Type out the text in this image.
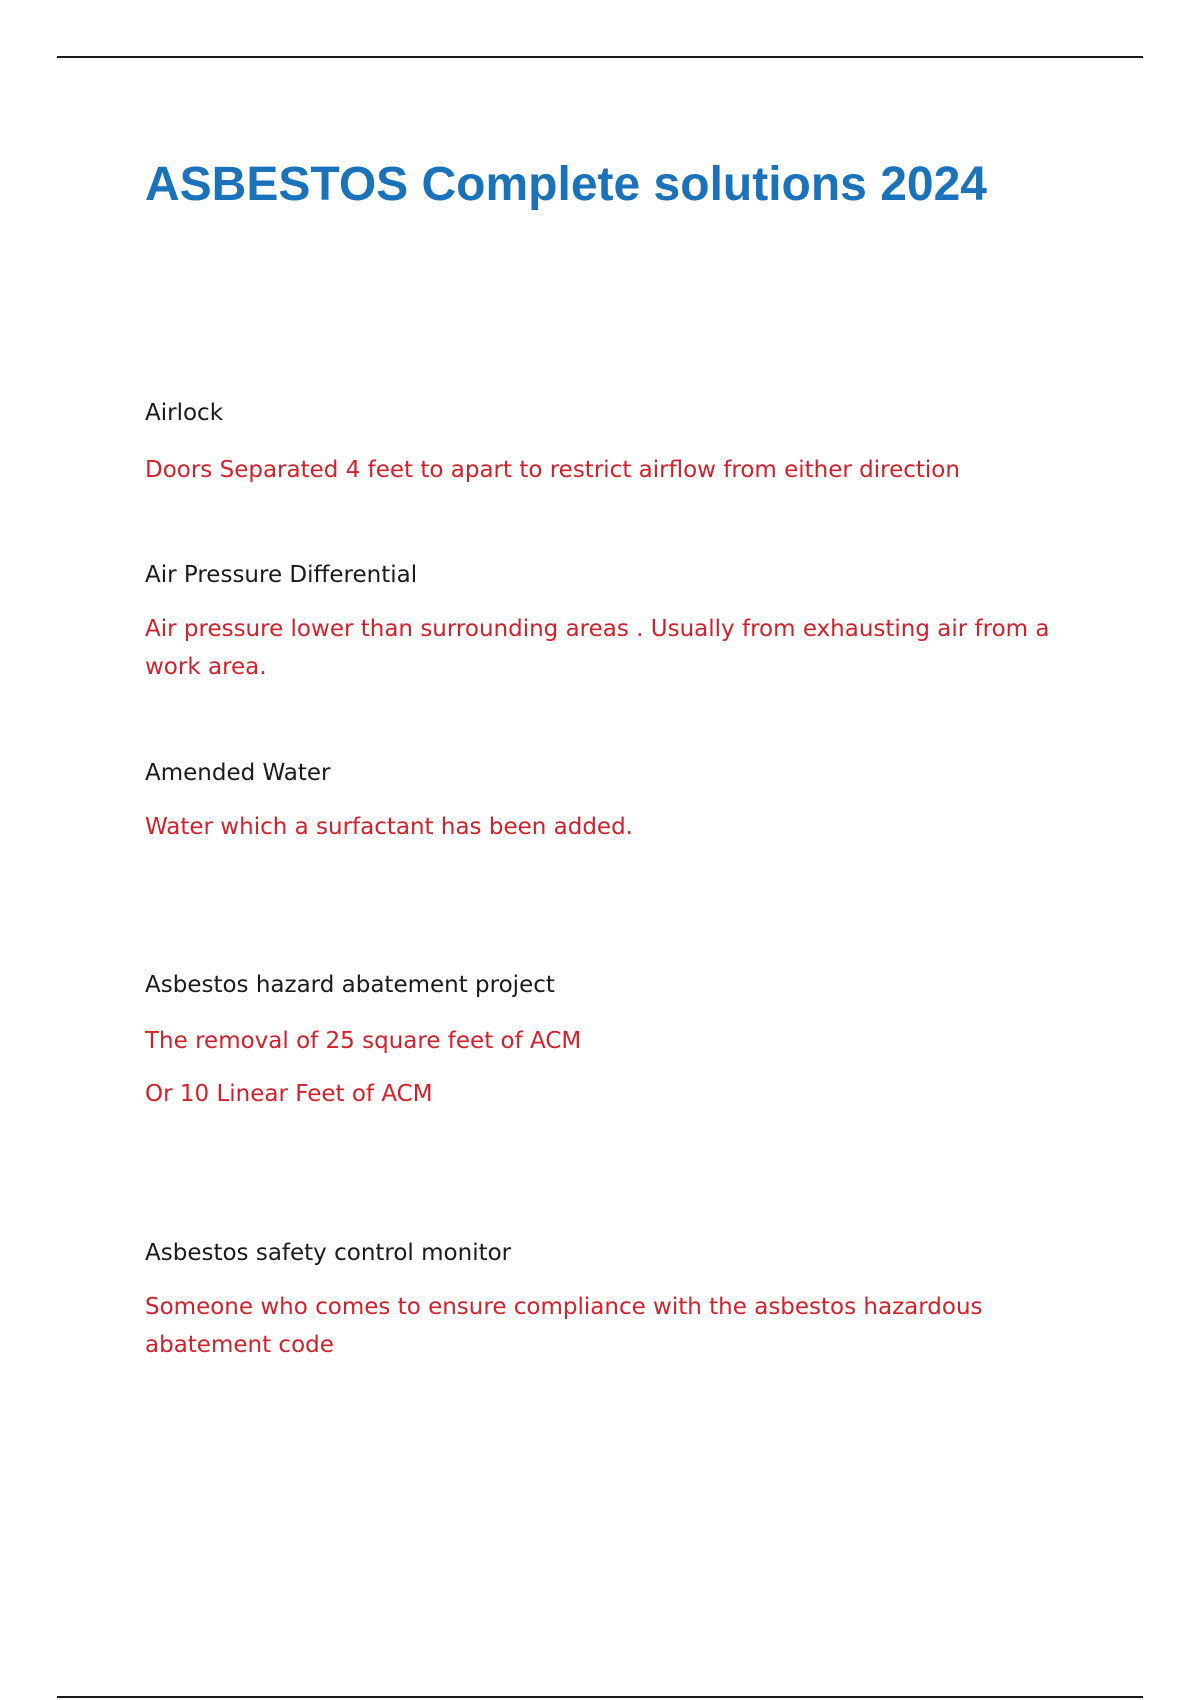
ASBESTOS Complete solutions 2024

Airlock

Doors Separated 4 feet to apart to restrict airflow from either direction

Air Pressure Differential

Air pressure lower than surrounding areas . Usually from exhausting air from a work area.

Amended Water

Water which a surfactant has been added.

Asbestos hazard abatement project

The removal of 25 square feet of ACM

Or 10 Linear Feet of ACM

Asbestos safety control monitor

Someone who comes to ensure compliance with the asbestos hazardous abatement code
